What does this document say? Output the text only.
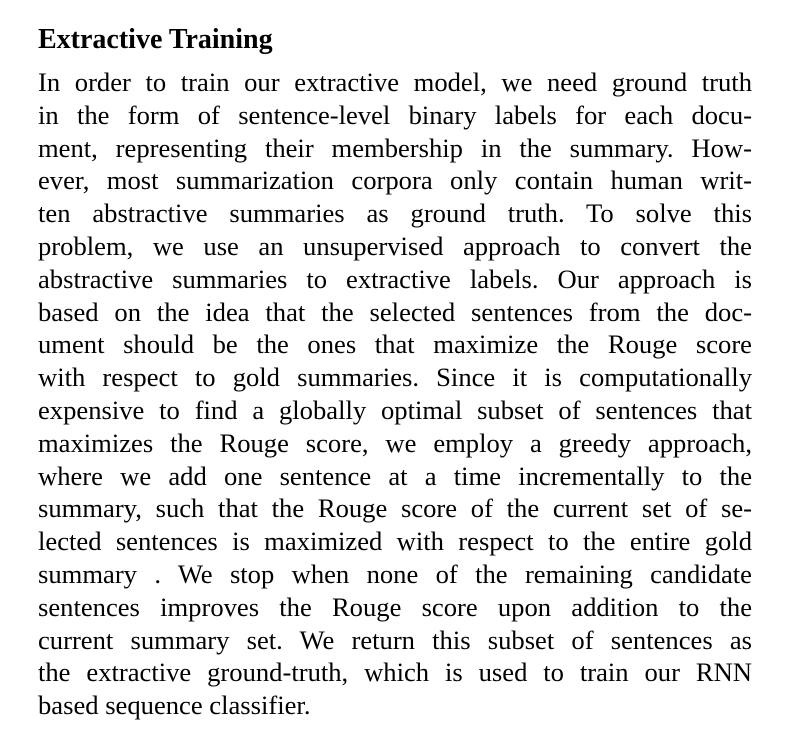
Extractive Training

In order to train our extractive model, we need ground truth
in the form of sentence-level binary labels for each docu-
ment, representing their membership in the summary. How-
ever, most summarization corpora only contain human writ-
ten abstractive summaries as ground truth. To solve this
problem, we use an unsupervised approach to convert the
abstractive summaries to extractive labels. Our approach is
based on the idea that the selected sentences from the doc-
ument should be the ones that maximize the Rouge score
with respect to gold summaries. Since it is computationally
expensive to find a globally optimal subset of sentences that
maximizes the Rouge score, we employ a greedy approach,
where we add one sentence at a time incrementally to the
summary, such that the Rouge score of the current set of se-
lected sentences is maximized with respect to the entire gold
summary . We stop when none of the remaining candidate
sentences improves the Rouge score upon addition to the
current summary set. We return this subset of sentences as
the extractive ground-truth, which is used to train our RNN
based sequence classifier.
